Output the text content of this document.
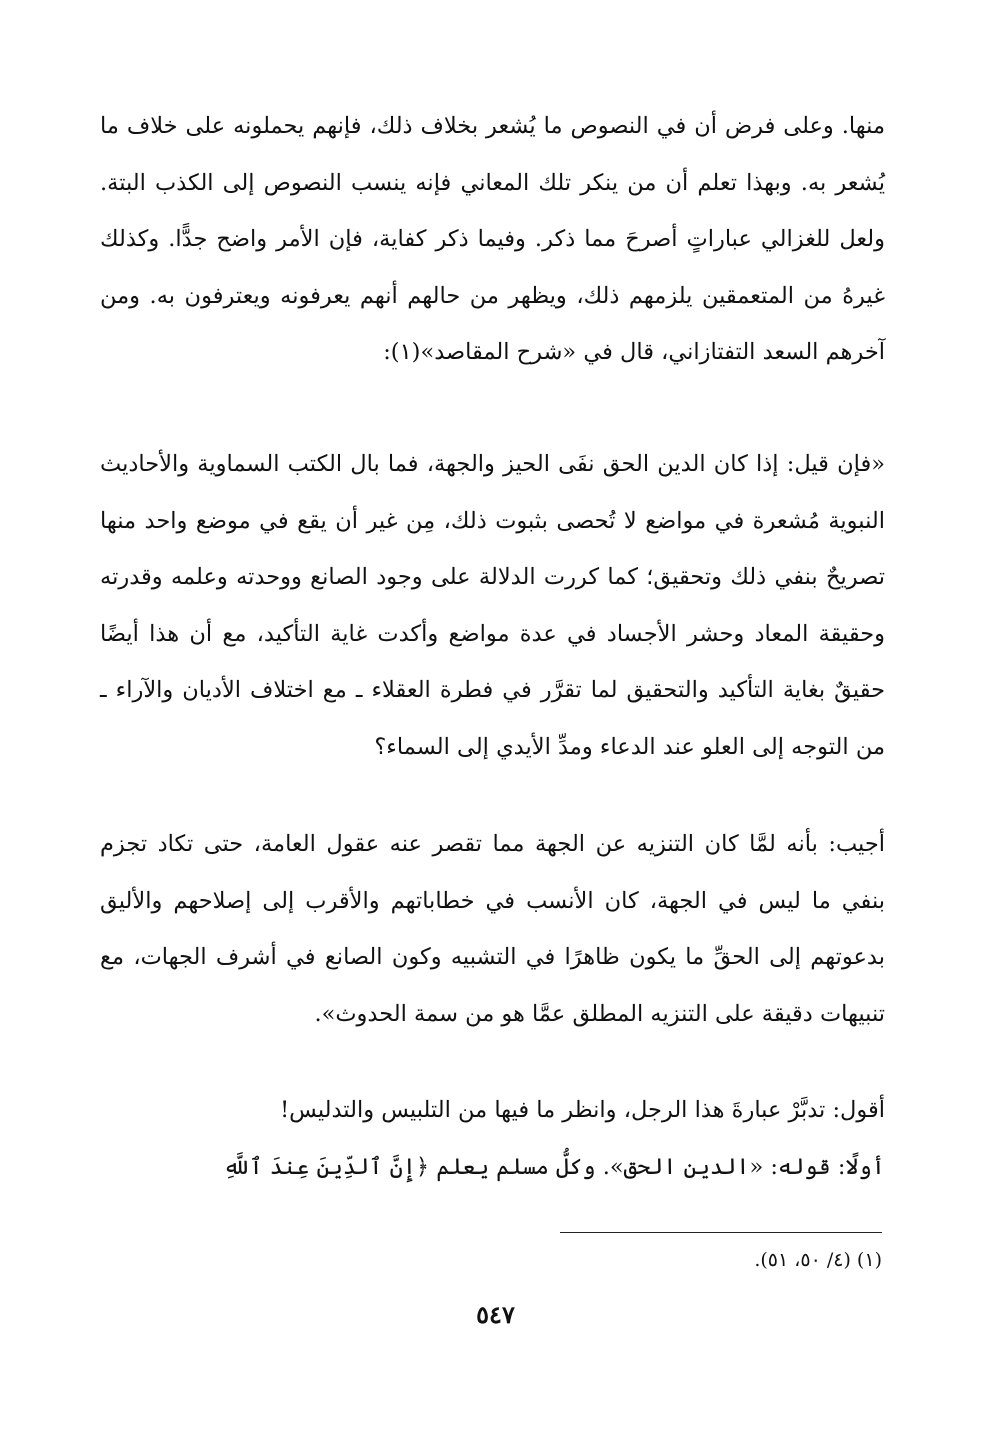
منها. وعلى فرض أن في النصوص ما يُشعر بخلاف ذلك، فإنهم يحملونه على خلاف ما يُشعر به. وبهذا تعلم أن من ينكر تلك المعاني فإنه ينسب النصوص إلى الكذب البتة. ولعل للغزالي عباراتٍ أصرحَ مما ذكر. وفيما ذكر كفاية، فإن الأمر واضح جدًّا. وكذلك غيرهُ من المتعمقين يلزمهم ذلك، ويظهر من حالهم أنهم يعرفونه ويعترفون به. ومن آخرهم السعد التفتازاني، قال في «شرح المقاصد»(١):

«فإن قيل: إذا كان الدين الحق نفَى الحيز والجهة، فما بال الكتب السماوية والأحاديث النبوية مُشعرة في مواضع لا تُحصى بثبوت ذلك، مِن غير أن يقع في موضع واحد منها تصريحٌ بنفي ذلك وتحقيق؛ كما كررت الدلالة على وجود الصانع ووحدته وعلمه وقدرته وحقيقة المعاد وحشر الأجساد في عدة مواضع وأكدت غاية التأكيد، مع أن هذا أيضًا حقيقٌ بغاية التأكيد والتحقيق لما تقرَّر في فطرة العقلاء ـ مع اختلاف الأديان والآراء ـ من التوجه إلى العلو عند الدعاء ومدِّ الأيدي إلى السماء؟

أجيب: بأنه لمَّا كان التنزيه عن الجهة مما تقصر عنه عقول العامة، حتى تكاد تجزم بنفي ما ليس في الجهة، كان الأنسب في خطاباتهم والأقرب إلى إصلاحهم والأليق بدعوتهم إلى الحقِّ ما يكون ظاهرًا في التشبيه وكون الصانع في أشرف الجهات، مع تنبيهات دقيقة على التنزيه المطلق عمَّا هو من سمة الحدوث».

أقول: تدبَّرْ عبارةَ هذا الرجل، وانظر ما فيها من التلبيس والتدليس!

أولًا: قوله: «الدين الحق». وكلُّ مسلم يعلم ﴿إِنَّ ٱلدِّينَ عِندَ ٱللَّهِ

(١) (٤/ ٥٠، ٥١).
٥٤٧
